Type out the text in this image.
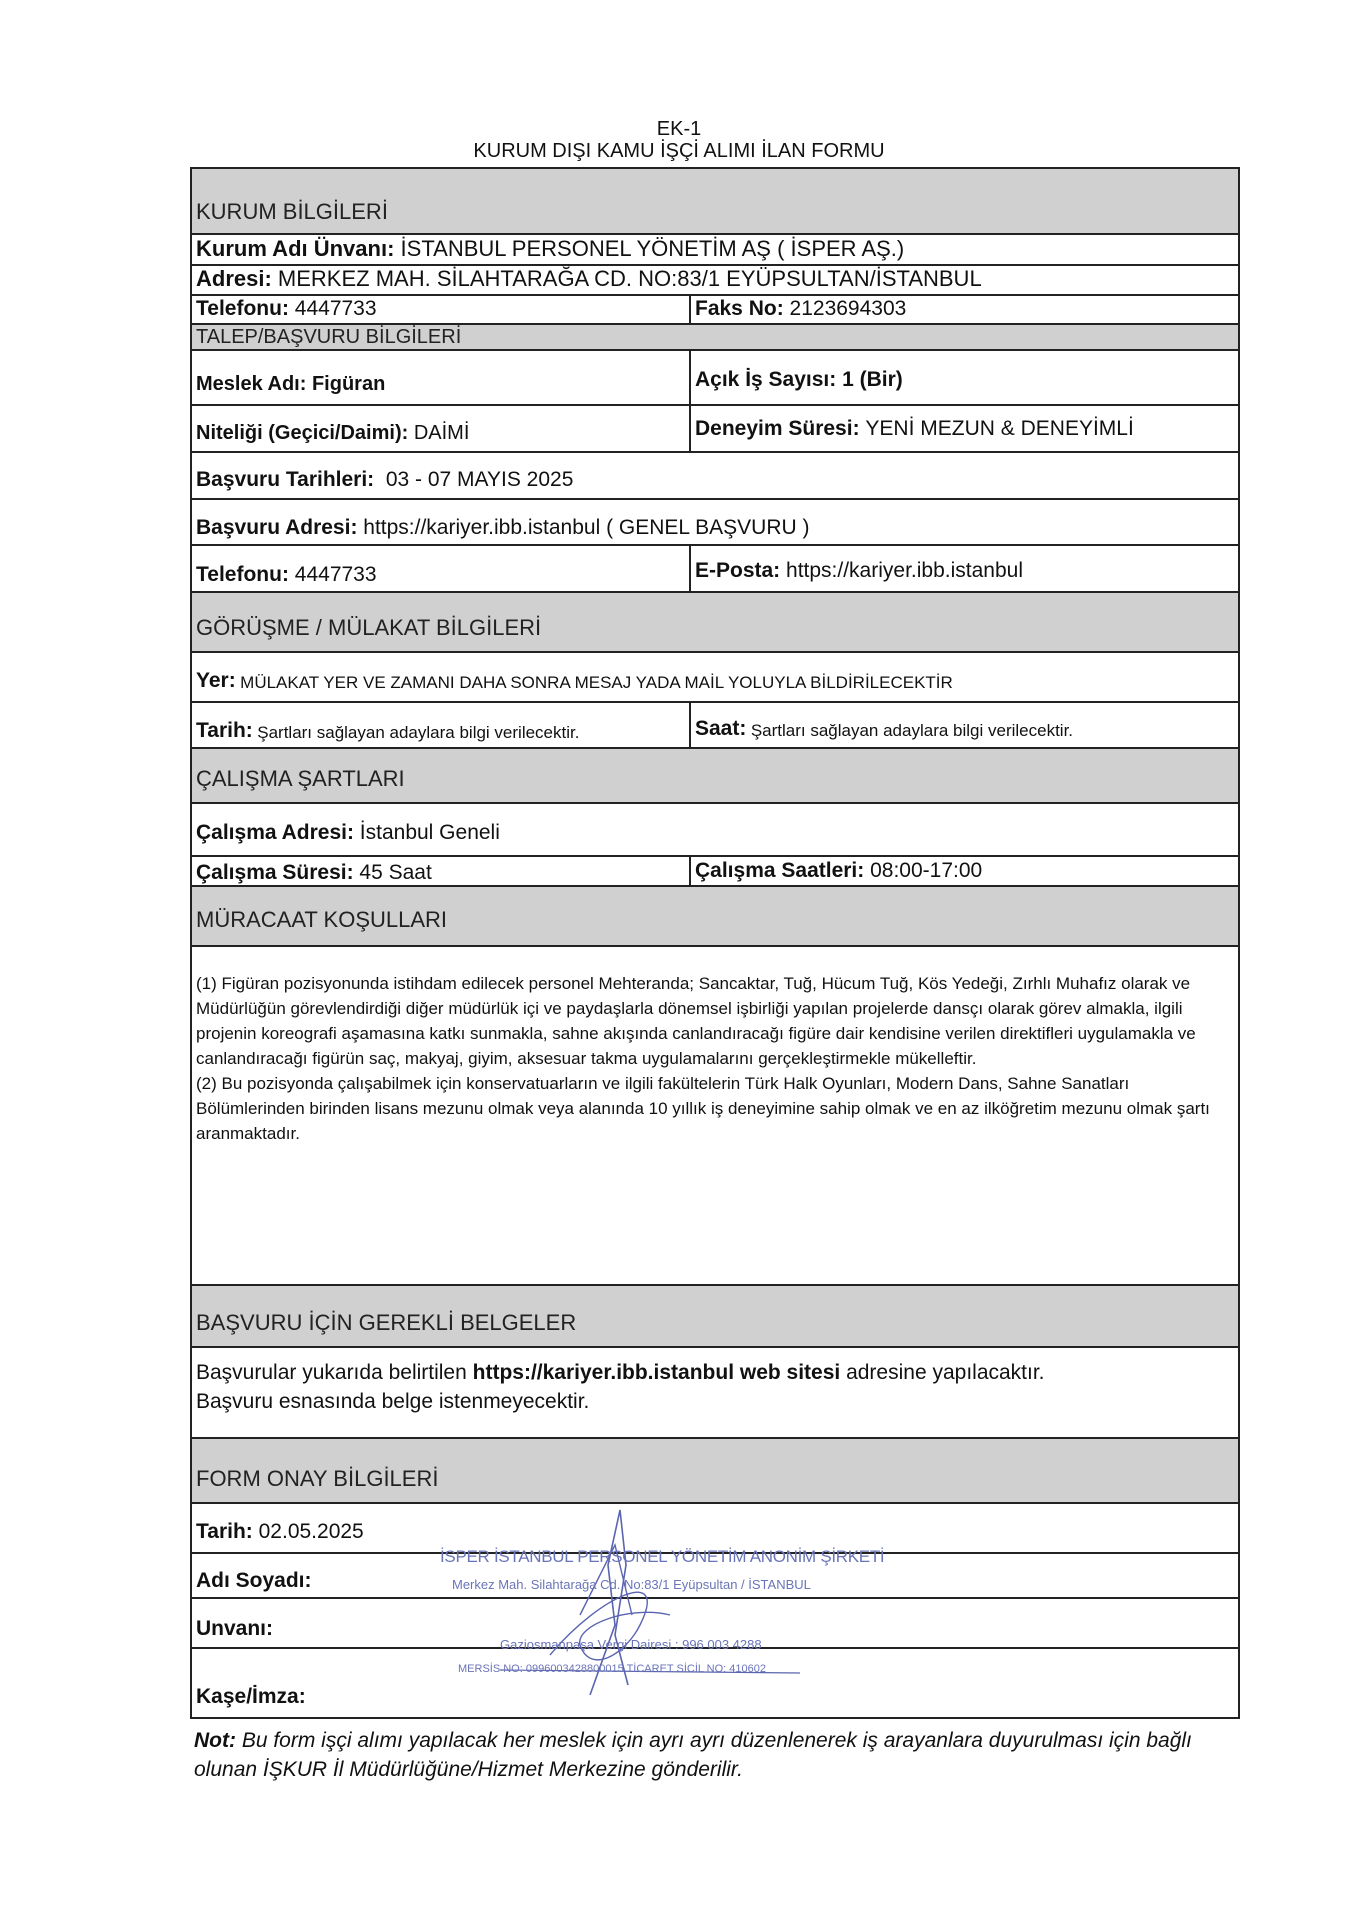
EK-1
KURUM DIŞI KAMU İŞÇİ ALIMI İLAN FORMU
KURUM BİLGİLERİ
Kurum Adı Ünvanı:
İSTANBUL PERSONEL YÖNETİM AŞ ( İSPER AŞ.)
Adresi:
MERKEZ MAH. SİLAHTARAĞA CD. NO:83/1 EYÜPSULTAN/İSTANBUL
Telefonu:
4447733	Faks No:
2123694303
TALEP/BAŞVURU BİLGİLERİ
Meslek Adı:
Figüran	Açık İş Sayısı:
1 (Bir)
Niteliği (Geçici/Daimi):
DAİMİ	Deneyim Süresi:
YENİ MEZUN & DENEYİMLİ
Başvuru Tarihleri:
03 - 07 MAYIS 2025
Başvuru Adresi:
https://kariyer.ibb.istanbul ( GENEL BAŞVURU )
Telefonu:
4447733	E-Posta:
https://kariyer.ibb.istanbul
GÖRÜŞME / MÜLAKAT BİLGİLERİ
Yer:
MÜLAKAT YER VE ZAMANI DAHA SONRA MESAJ YADA MAİL YOLUYLA BİLDİRİLECEKTİR
Tarih:
Şartları sağlayan adaylara bilgi verilecektir.	Saat:
Şartları sağlayan adaylara bilgi verilecektir.
ÇALIŞMA ŞARTLARI
Çalışma Adresi:
İstanbul Geneli
Çalışma Süresi:
45 Saat	Çalışma Saatleri:
08:00-17:00
MÜRACAAT KOŞULLARI

(1) Figüran pozisyonunda istihdam edilecek personel Mehteranda; Sancaktar, Tuğ, Hücum Tuğ, Kös Yedeği, Zırhlı Muhafız olarak ve Müdürlüğün görevlendirdiği diğer müdürlük içi ve paydaşlarla dönemsel işbirliği yapılan projelerde dansçı olarak görev almakla, ilgili projenin koreografi aşamasına katkı sunmakla, sahne akışında canlandıracağı figüre dair kendisine verilen direktifleri uygulamakla ve canlandıracağı figürün saç, makyaj, giyim, aksesuar takma uygulamalarını gerçekleştirmekle mükelleftir.

(2) Bu pozisyonda çalışabilmek için konservatuarların ve ilgili fakültelerin Türk Halk Oyunları, Modern Dans, Sahne Sanatları Bölümlerinden birinden lisans mezunu olmak veya alanında 10 yıllık iş deneyimine sahip olmak ve en az ilköğretim mezunu olmak şartı aranmaktadır.

BAŞVURU İÇİN GEREKLİ BELGELER

Başvurular yukarıda belirtilen https://kariyer.ibb.istanbul web sitesi adresine yapılacaktır.

Başvuru esnasında belge istenmeyecektir.

FORM ONAY BİLGİLERİ
Tarih:
02.05.2025
Adı Soyadı:
Unvanı:
Kaşe/İmza:
İSPER İSTANBUL PERSONEL YÖNETİM ANONİM ŞİRKETİ
Merkez Mah. Silahtarağa Cd. No:83/1 Eyüpsultan / İSTANBUL
Gaziosmanpaşa Vergi Dairesi : 996 003 4288
MERSİS NO: 0996003428800015 TİCARET SİCİL NO: 410602
Not: Bu form işçi alımı yapılacak her meslek için ayrı ayrı düzenlenerek iş arayanlara duyurulması için bağlı olunan İŞKUR İl Müdürlüğüne/Hizmet Merkezine gönderilir.
